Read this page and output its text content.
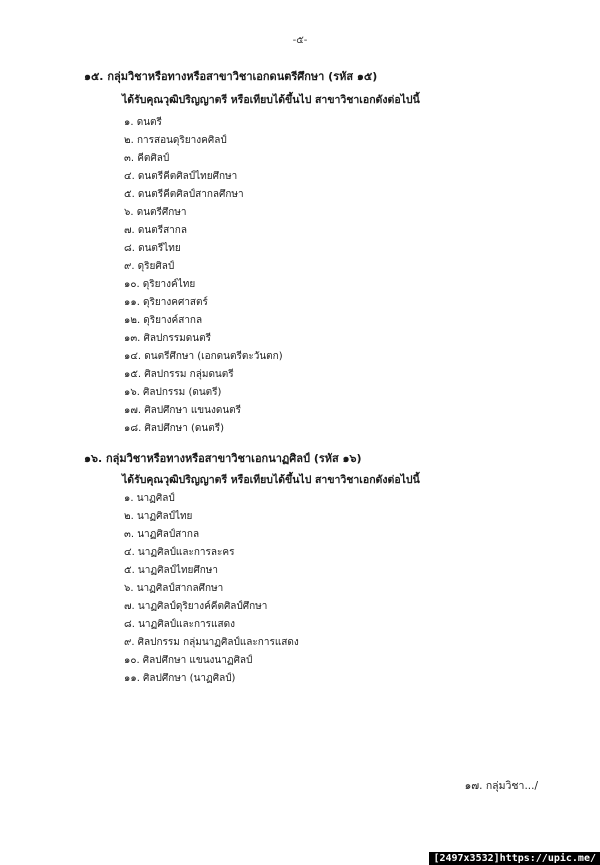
-๕-
๑๕. กลุ่มวิชาหรือทางหรือสาขาวิชาเอกดนตรีศึกษา (รหัส ๑๕)
ได้รับคุณวุฒิปริญญาตรี หรือเทียบได้ขึ้นไป สาขาวิชาเอกดังต่อไปนี้
๑. ดนตรี
๒. การสอนดุริยางคศิลป์
๓. คีตศิลป์
๔. ดนตรีคีตศิลป์ไทยศึกษา
๕. ดนตรีคีตศิลป์สากลศึกษา
๖. ดนตรีศึกษา
๗. ดนตรีสากล
๘. ดนตรีไทย
๙. ดุริยศิลป์
๑๐. ดุริยางค์ไทย
๑๑. ดุริยางคศาสตร์
๑๒. ดุริยางค์สากล
๑๓. ศิลปกรรมดนตรี
๑๔. ดนตรีศึกษา (เอกดนตรีตะวันตก)
๑๕. ศิลปกรรม กลุ่มดนตรี
๑๖. ศิลปกรรม (ดนตรี)
๑๗. ศิลปศึกษา แขนงดนตรี
๑๘. ศิลปศึกษา (ดนตรี)
๑๖. กลุ่มวิชาหรือทางหรือสาขาวิชาเอกนาฏศิลป์ (รหัส ๑๖)
ได้รับคุณวุฒิปริญญาตรี หรือเทียบได้ขึ้นไป สาขาวิชาเอกดังต่อไปนี้
๑. นาฏศิลป์
๒. นาฏศิลป์ไทย
๓. นาฏศิลป์สากล
๔. นาฏศิลป์และการละคร
๕. นาฏศิลป์ไทยศึกษา
๖. นาฏศิลป์สากลศึกษา
๗. นาฏศิลป์ดุริยางค์คีตศิลป์ศึกษา
๘. นาฏศิลป์และการแสดง
๙. ศิลปกรรม กลุ่มนาฏศิลป์และการแสดง
๑๐. ศิลปศึกษา แขนงนาฏศิลป์
๑๑. ศิลปศึกษา (นาฏศิลป์)
๑๗. กลุ่มวิชา.../
[2497x3532]https://upic.me/
